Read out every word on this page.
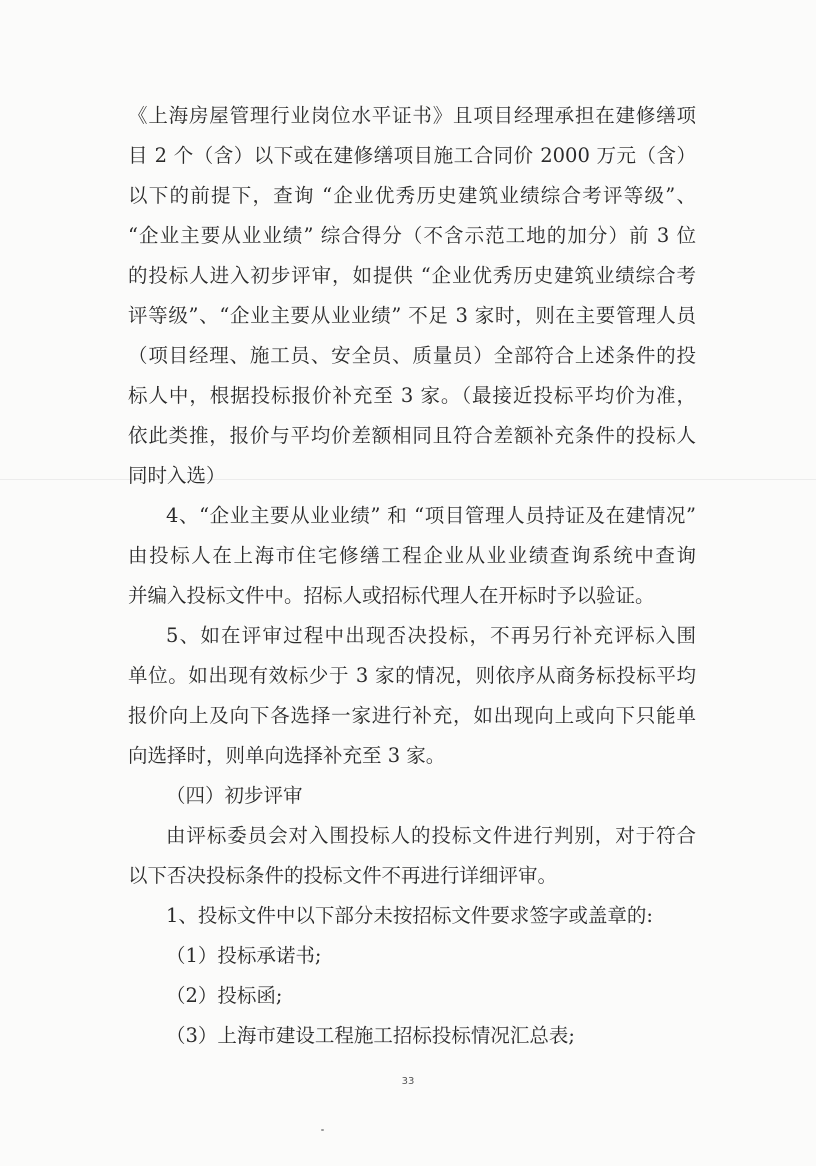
《上海房屋管理行业岗位水平证书》且项目经理承担在建修缮项
目 2 个（含）以下或在建修缮项目施工合同价 2000 万元（含）
以下的前提下，查询 “企业优秀历史建筑业绩综合考评等级”、
“企业主要从业业绩” 综合得分（不含示范工地的加分）前 3 位
的投标人进入初步评审，如提供 “企业优秀历史建筑业绩综合考
评等级”、“企业主要从业业绩” 不足 3 家时，则在主要管理人员
（项目经理、施工员、安全员、质量员）全部符合上述条件的投
标人中，根据投标报价补充至 3 家。（最接近投标平均价为准，
依此类推，报价与平均价差额相同且符合差额补充条件的投标人
同时入选）
4、“企业主要从业业绩” 和 “项目管理人员持证及在建情况”
由投标人在上海市住宅修缮工程企业从业业绩查询系统中查询
并编入投标文件中。招标人或招标代理人在开标时予以验证。
5、如在评审过程中出现否决投标，不再另行补充评标入围
单位。如出现有效标少于 3 家的情况，则依序从商务标投标平均
报价向上及向下各选择一家进行补充，如出现向上或向下只能单
向选择时，则单向选择补充至 3 家。
（四）初步评审
由评标委员会对入围投标人的投标文件进行判别，对于符合
以下否决投标条件的投标文件不再进行详细评审。
1、投标文件中以下部分未按招标文件要求签字或盖章的:
（1）投标承诺书;
（2）投标函;
（3）上海市建设工程施工招标投标情况汇总表;
33
